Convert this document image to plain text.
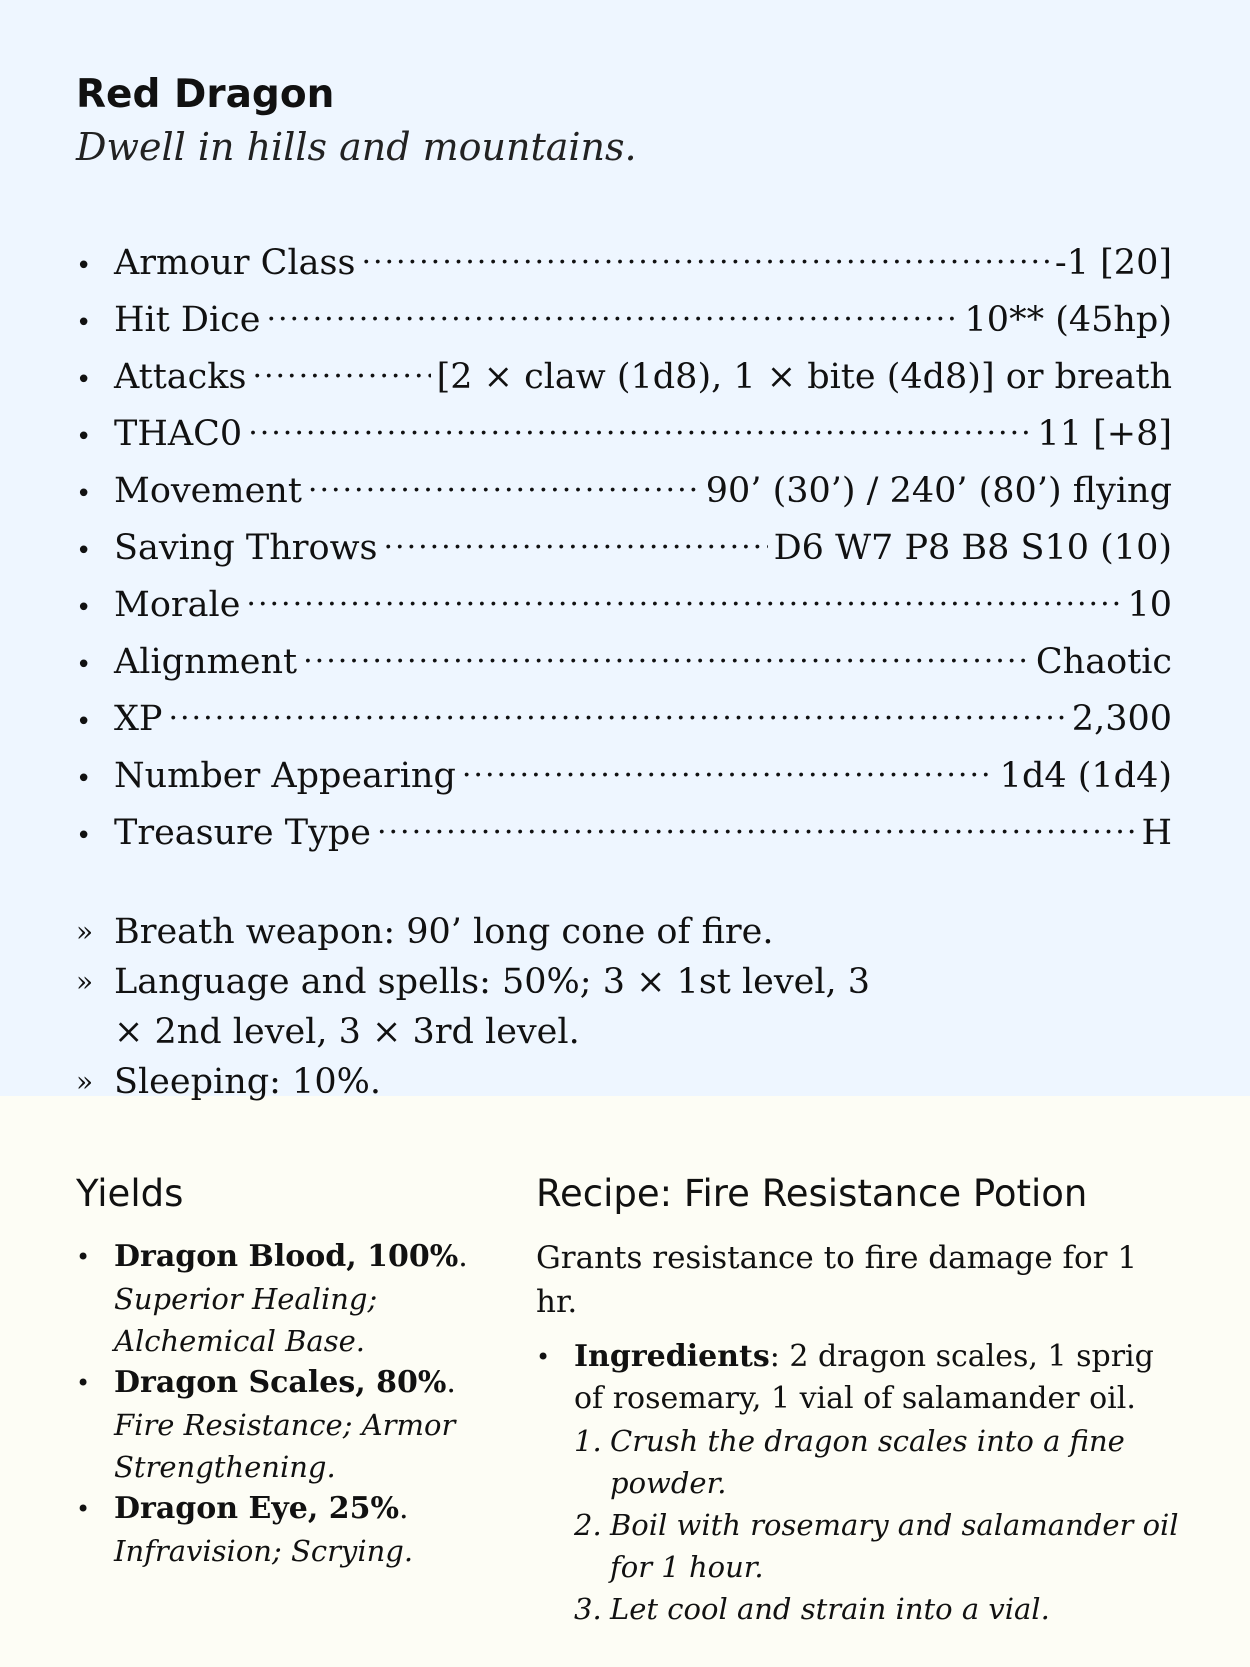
Red Dragon

Dwell in hills and mountains.

• Armour Class .....	-1 [20]
• Hit Dice .....	10** (45hp)
• Attacks .....	[2 × claw (1d8), 1 × bite (4d8)] or breath
• THAC0 .....	11 [+8]
• Movement .....	90’ (30’) / 240’ (80’) flying
• Saving Throws .....	D6 W7 P8 B8 S10 (10)
• Morale .....	10
• Alignment .....	Chaotic
• XP .....	2,300
• Number Appearing .....	1d4 (1d4)
• Treasure Type .....	H
» Breath weapon: 90’ long cone of fire.
» Language and spells: 50%; 3 × 1st level, 3 × 2nd level, 3 × 3rd level.
» Sleeping: 10%.
Yields
• Dragon Blood, 100%.
Superior Healing; Alchemical Base.
• Dragon Scales, 80%.
Fire Resistance; Armor Strengthening.
• Dragon Eye, 25%.
Infravision; Scrying.
Recipe: Fire Resistance Potion

Grants resistance to fire damage for 1 hr.

• Ingredients: 2 dragon scales, 1 sprig of rosemary, 1 vial of salamander oil.
1. Crush the dragon scales into a fine powder.
2. Boil with rosemary and salamander oil for 1 hour.
3. Let cool and strain into a vial.
